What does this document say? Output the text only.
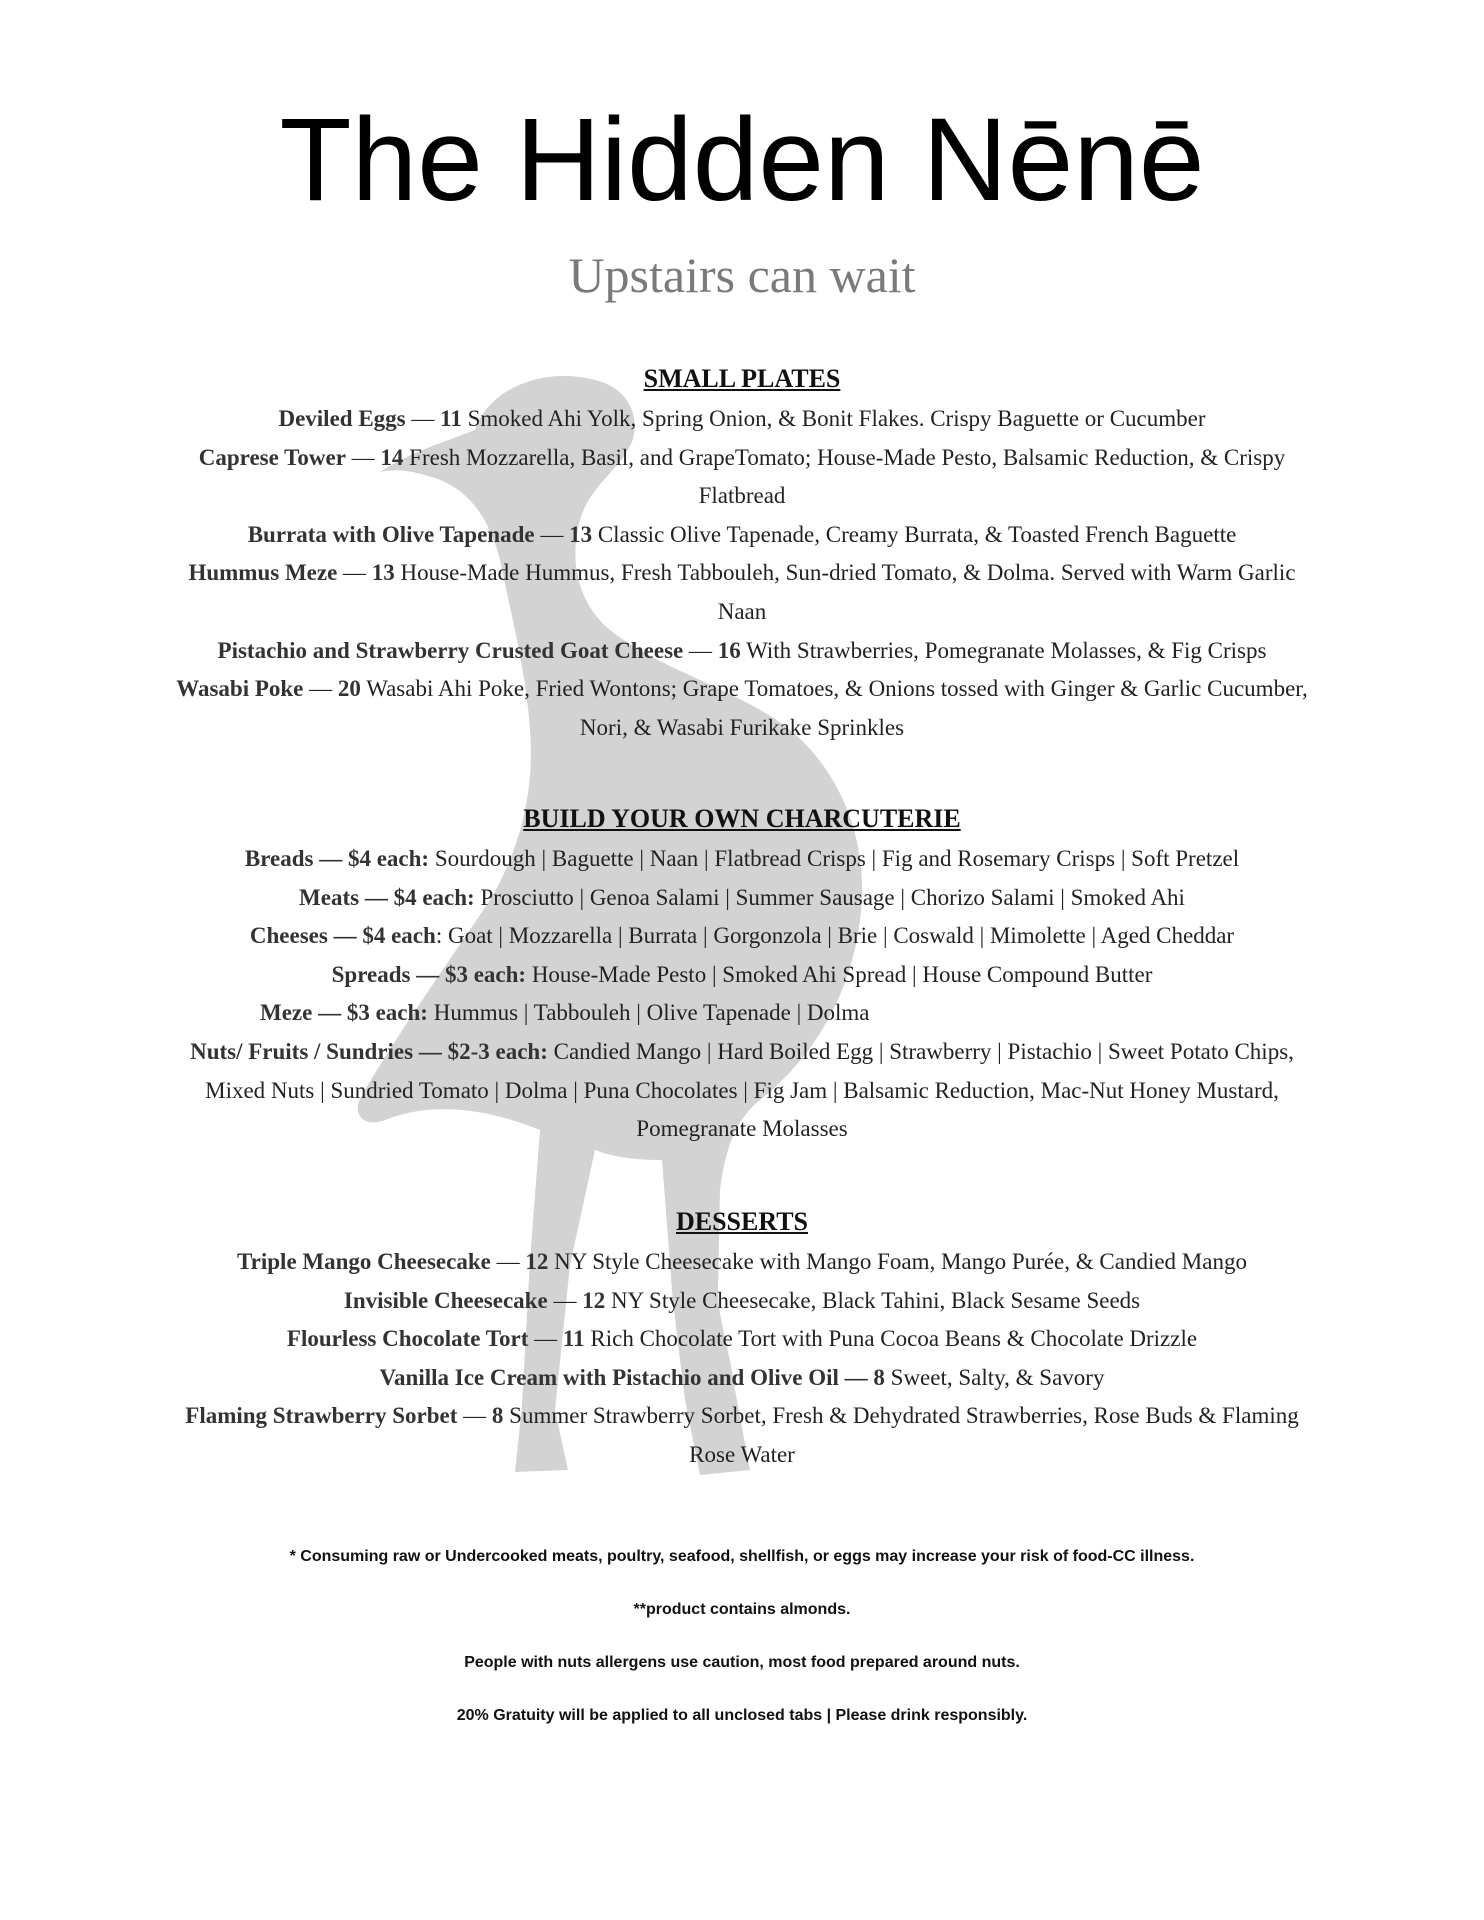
The Hidden Nēnē

Upstairs can wait

SMALL PLATES

Deviled Eggs — 11 Smoked Ahi Yolk, Spring Onion, & Bonit Flakes. Crispy Baguette or Cucumber

Caprese Tower — 14 Fresh Mozzarella, Basil, and GrapeTomato; House-Made Pesto, Balsamic Reduction, & Crispy Flatbread

Burrata with Olive Tapenade — 13 Classic Olive Tapenade, Creamy Burrata, & Toasted French Baguette

Hummus Meze — 13 House-Made Hummus, Fresh Tabbouleh, Sun-dried Tomato, & Dolma. Served with Warm Garlic Naan

Pistachio and Strawberry Crusted Goat Cheese — 16 With Strawberries, Pomegranate Molasses, & Fig Crisps

Wasabi Poke — 20 Wasabi Ahi Poke, Fried Wontons; Grape Tomatoes, & Onions tossed with Ginger & Garlic Cucumber, Nori, & Wasabi Furikake Sprinkles

BUILD YOUR OWN CHARCUTERIE

Breads — $4 each: Sourdough | Baguette | Naan | Flatbread Crisps | Fig and Rosemary Crisps | Soft Pretzel

Meats — $4 each: Prosciutto | Genoa Salami | Summer Sausage | Chorizo Salami | Smoked Ahi

Cheeses — $4 each: Goat | Mozzarella | Burrata | Gorgonzola | Brie | Coswald | Mimolette | Aged Cheddar

Spreads — $3 each: House-Made Pesto | Smoked Ahi Spread | House Compound Butter

Meze — $3 each: Hummus | Tabbouleh | Olive Tapenade | Dolma

Nuts/ Fruits / Sundries — $2-3 each: Candied Mango | Hard Boiled Egg | Strawberry | Pistachio | Sweet Potato Chips, Mixed Nuts | Sundried Tomato | Dolma | Puna Chocolates | Fig Jam | Balsamic Reduction, Mac-Nut Honey Mustard, Pomegranate Molasses

DESSERTS

Triple Mango Cheesecake — 12 NY Style Cheesecake with Mango Foam, Mango Purée, & Candied Mango

Invisible Cheesecake — 12 NY Style Cheesecake, Black Tahini, Black Sesame Seeds

Flourless Chocolate Tort — 11 Rich Chocolate Tort with Puna Cocoa Beans & Chocolate Drizzle

Vanilla Ice Cream with Pistachio and Olive Oil — 8 Sweet, Salty, & Savory

Flaming Strawberry Sorbet — 8 Summer Strawberry Sorbet, Fresh & Dehydrated Strawberries, Rose Buds & Flaming Rose Water

* Consuming raw or Undercooked meats, poultry, seafood, shellfish, or eggs may increase your risk of food-CC illness.

**product contains almonds.

People with nuts allergens use caution, most food prepared around nuts.

20% Gratuity will be applied to all unclosed tabs | Please drink responsibly.
